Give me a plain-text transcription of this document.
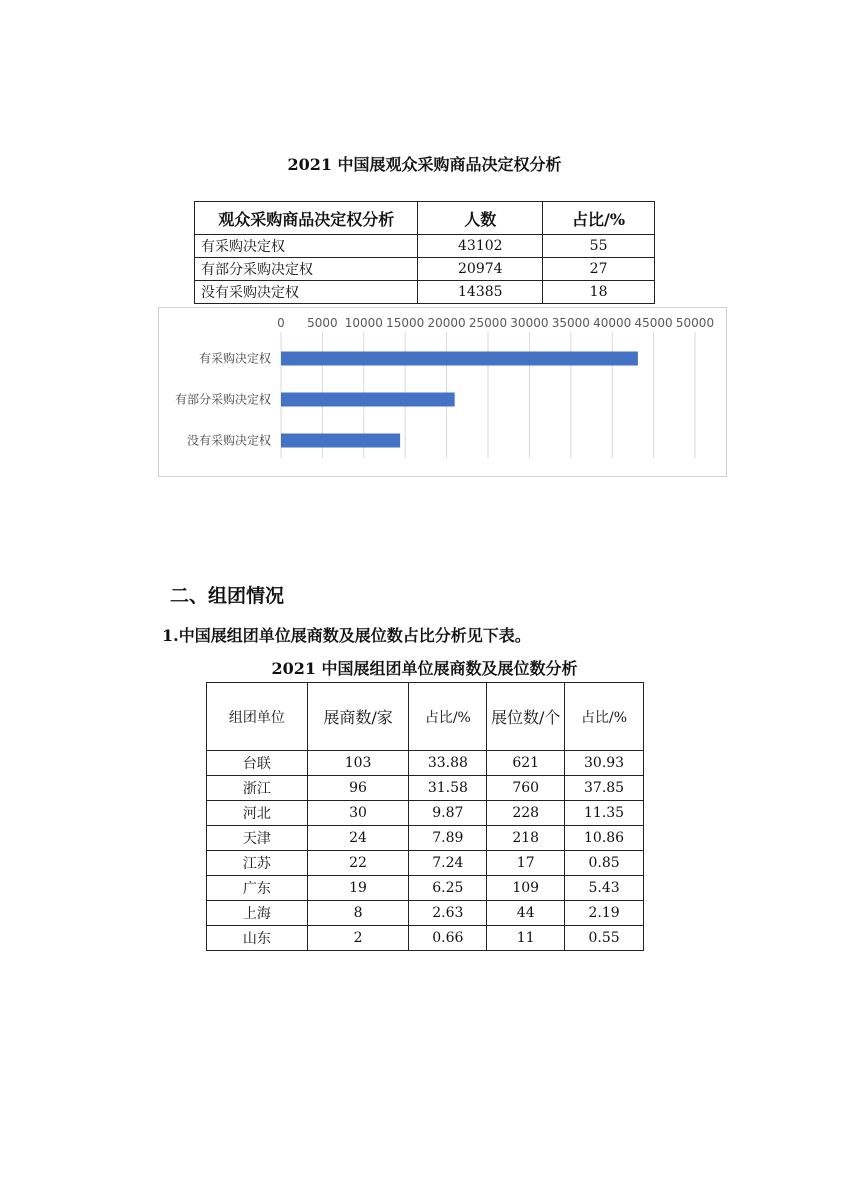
2021 中国展观众采购商品决定权分析
观众采购商品决定权分析	人数	占比/%
有采购决定权	43102	55
有部分采购决定权	20974	27
没有采购决定权	14385	18
0 5000 10000 15000 20000 25000 30000 35000 40000 45000 50000
有采购决定权
有部分采购决定权
没有采购决定权
二、组团情况
1.中国展组团单位展商数及展位数占比分析见下表。
2021 中国展组团单位展商数及展位数分析
组团单位	展商数/家	占比/%	展位数/个	占比/%
台联	103	33.88	621	30.93
浙江	96	31.58	760	37.85
河北	30	9.87	228	11.35
天津	24	7.89	218	10.86
江苏	22	7.24	17	0.85
广东	19	6.25	109	5.43
上海	8	2.63	44	2.19
山东	2	0.66	11	0.55
